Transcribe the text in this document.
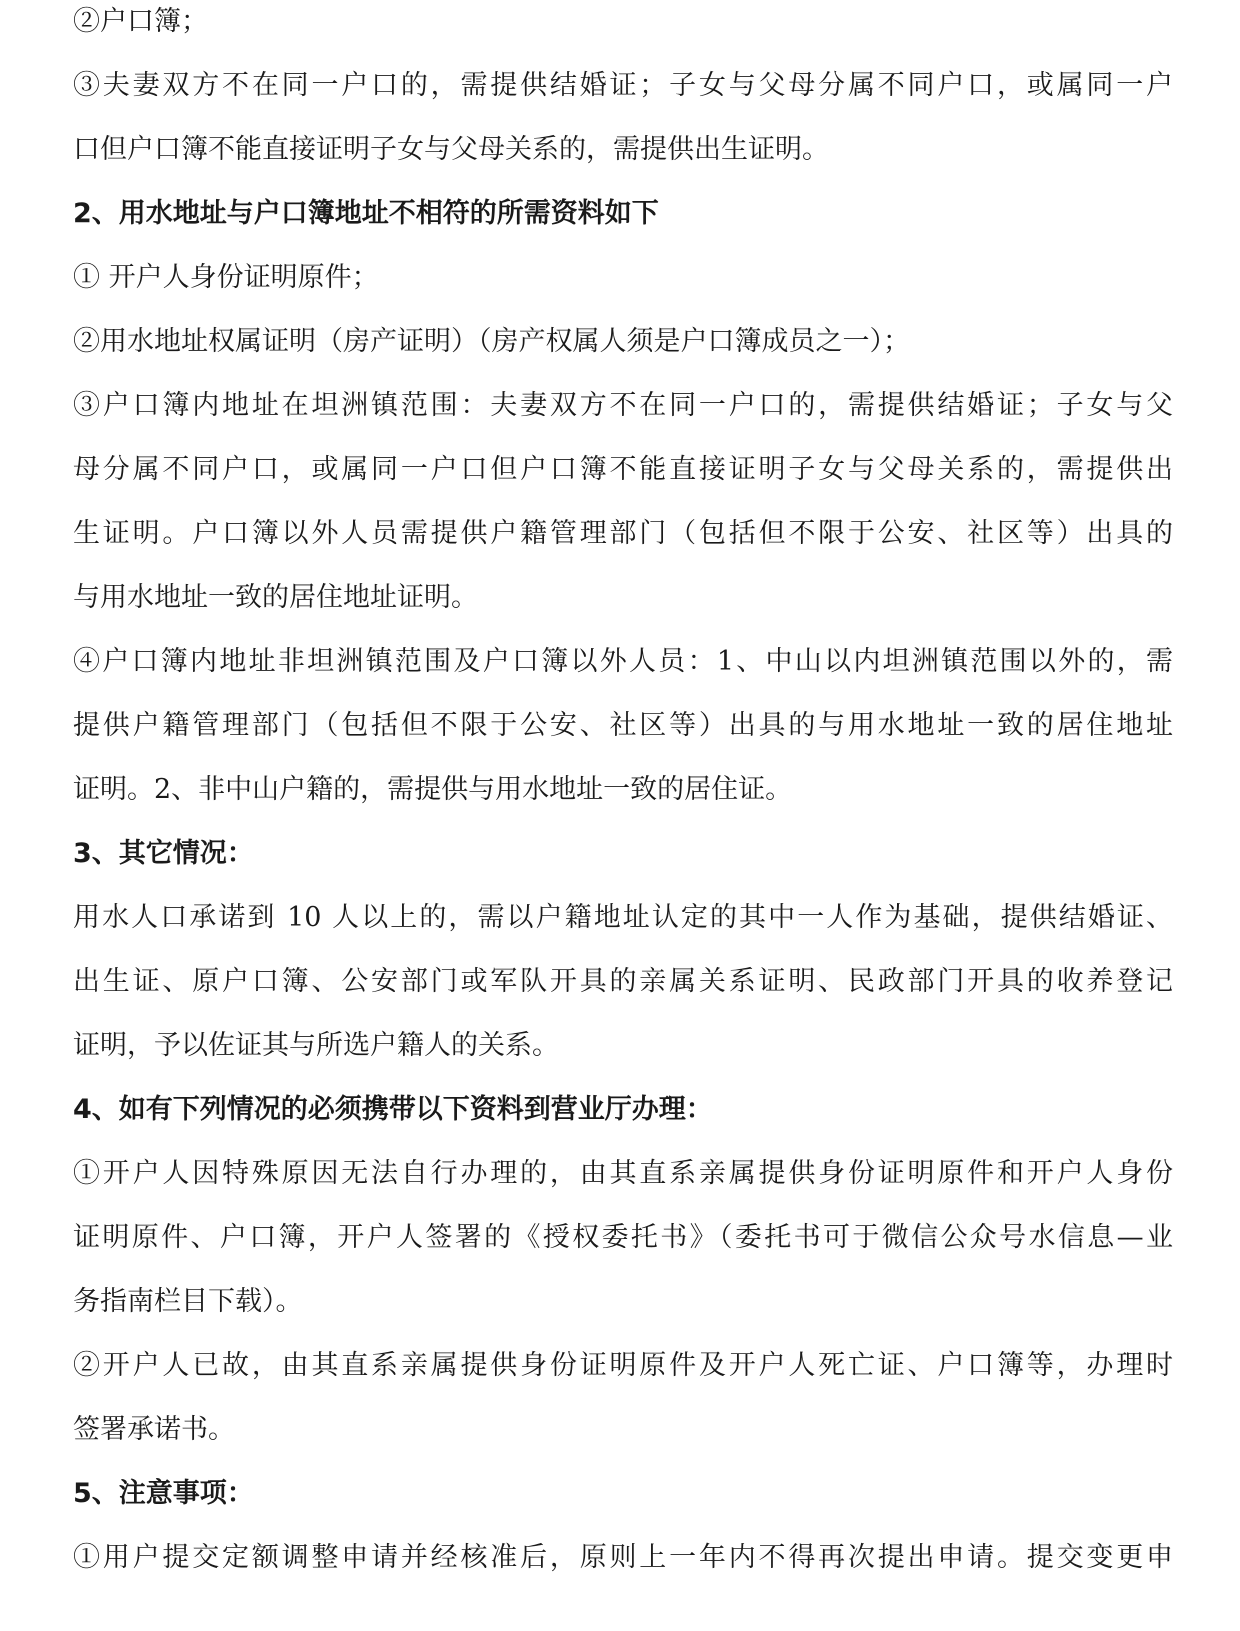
②户口簿；
③夫妻双方不在同一户口的，需提供结婚证；子女与父母分属不同户口，或属同一户
口但户口簿不能直接证明子女与父母关系的，需提供出生证明。
2、用水地址与户口簿地址不相符的所需资料如下
① 开户人身份证明原件；
②用水地址权属证明（房产证明）（房产权属人须是户口簿成员之一）；
③户口簿内地址在坦洲镇范围：夫妻双方不在同一户口的，需提供结婚证；子女与父
母分属不同户口，或属同一户口但户口簿不能直接证明子女与父母关系的，需提供出
生证明。户口簿以外人员需提供户籍管理部门（包括但不限于公安、社区等）出具的
与用水地址一致的居住地址证明。
④户口簿内地址非坦洲镇范围及户口簿以外人员：1、中山以内坦洲镇范围以外的，需
提供户籍管理部门（包括但不限于公安、社区等）出具的与用水地址一致的居住地址
证明。2、非中山户籍的，需提供与用水地址一致的居住证。
3、其它情况：
用水人口承诺到 10 人以上的，需以户籍地址认定的其中一人作为基础，提供结婚证、
出生证、原户口簿、公安部门或军队开具的亲属关系证明、民政部门开具的收养登记
证明，予以佐证其与所选户籍人的关系。
4、如有下列情况的必须携带以下资料到营业厅办理：
①开户人因特殊原因无法自行办理的，由其直系亲属提供身份证明原件和开户人身份
证明原件、户口簿，开户人签署的《授权委托书》（委托书可于微信公众号水信息—业
务指南栏目下载）。
②开户人已故，由其直系亲属提供身份证明原件及开户人死亡证、户口簿等，办理时
签署承诺书。
5、注意事项：
①用户提交定额调整申请并经核准后，原则上一年内不得再次提出申请。提交变更申
